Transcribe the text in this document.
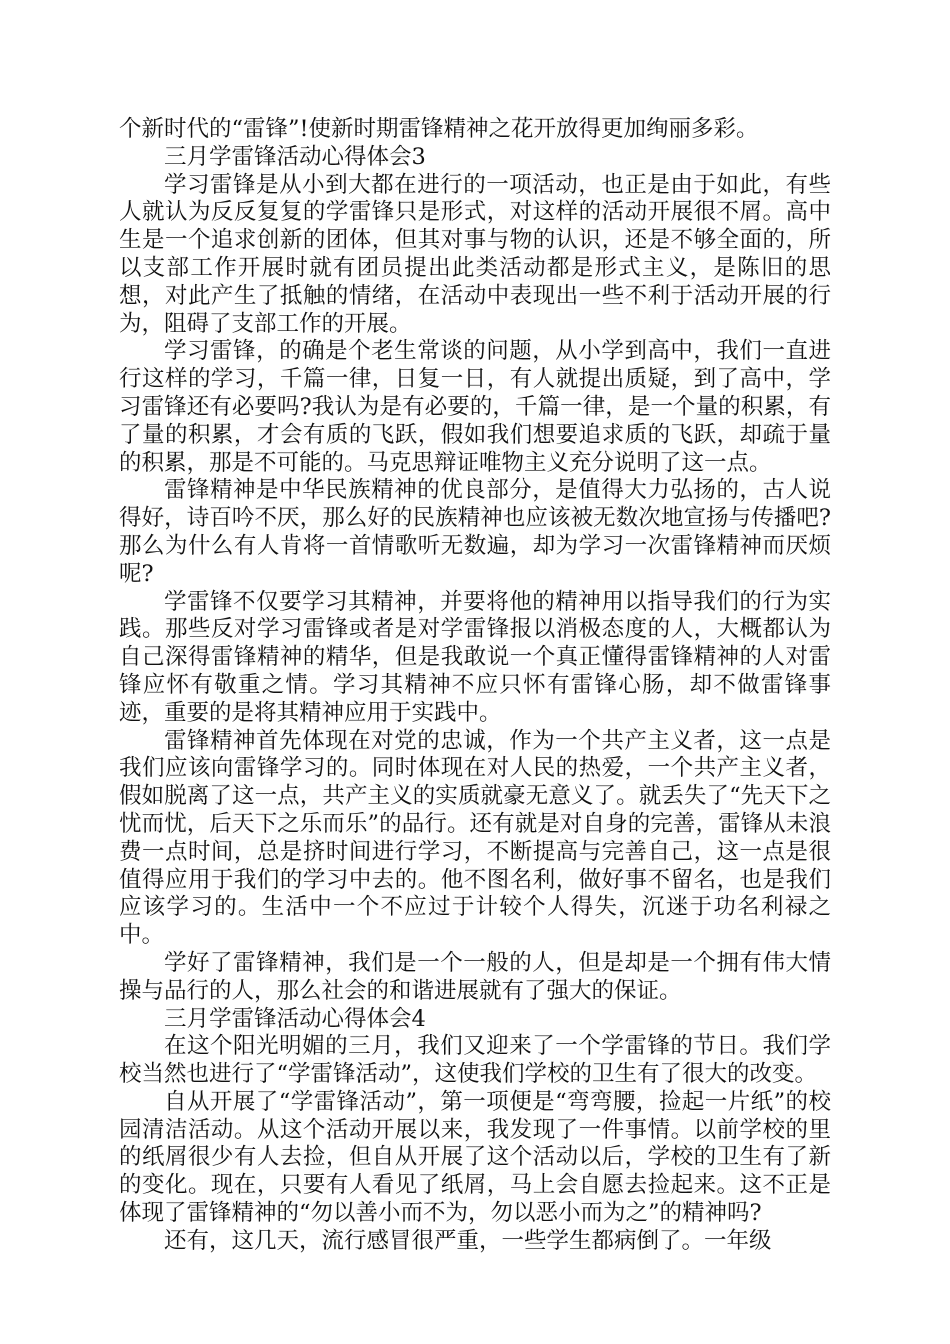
个新时代的“雷锋”!使新时期雷锋精神之花开放得更加绚丽多彩。

三月学雷锋活动心得体会3

学习雷锋是从小到大都在进行的一项活动，也正是由于如此，有些人就认为反反复复的学雷锋只是形式，对这样的活动开展很不屑。高中生是一个追求创新的团体，但其对事与物的认识，还是不够全面的，所以支部工作开展时就有团员提出此类活动都是形式主义，是陈旧的思想，对此产生了抵触的情绪，在活动中表现出一些不利于活动开展的行为，阻碍了支部工作的开展。

学习雷锋，的确是个老生常谈的问题，从小学到高中，我们一直进行这样的学习，千篇一律，日复一日，有人就提出质疑，到了高中，学习雷锋还有必要吗?我认为是有必要的，千篇一律，是一个量的积累，有了量的积累，才会有质的飞跃，假如我们想要追求质的飞跃，却疏于量的积累，那是不可能的。马克思辩证唯物主义充分说明了这一点。

雷锋精神是中华民族精神的优良部分，是值得大力弘扬的，古人说得好，诗百吟不厌，那么好的民族精神也应该被无数次地宣扬与传播吧?那么为什么有人肯将一首情歌听无数遍，却为学习一次雷锋精神而厌烦呢?

学雷锋不仅要学习其精神，并要将他的精神用以指导我们的行为实践。那些反对学习雷锋或者是对学雷锋报以消极态度的人，大概都认为自己深得雷锋精神的精华，但是我敢说一个真正懂得雷锋精神的人对雷锋应怀有敬重之情。学习其精神不应只怀有雷锋心肠，却不做雷锋事迹，重要的是将其精神应用于实践中。

雷锋精神首先体现在对党的忠诚，作为一个共产主义者，这一点是我们应该向雷锋学习的。同时体现在对人民的热爱，一个共产主义者，假如脱离了这一点，共产主义的实质就豪无意义了。就丢失了“先天下之忧而忧，后天下之乐而乐”的品行。还有就是对自身的完善，雷锋从未浪费一点时间，总是挤时间进行学习，不断提高与完善自己，这一点是很值得应用于我们的学习中去的。他不图名利，做好事不留名，也是我们应该学习的。生活中一个不应过于计较个人得失，沉迷于功名利禄之中。

学好了雷锋精神，我们是一个一般的人，但是却是一个拥有伟大情操与品行的人，那么社会的和谐进展就有了强大的保证。

三月学雷锋活动心得体会4

在这个阳光明媚的三月，我们又迎来了一个学雷锋的节日。我们学校当然也进行了“学雷锋活动”，这使我们学校的卫生有了很大的改变。

自从开展了“学雷锋活动”，第一项便是“弯弯腰，捡起一片纸”的校园清洁活动。从这个活动开展以来，我发现了一件事情。以前学校的里的纸屑很少有人去捡，但自从开展了这个活动以后，学校的卫生有了新的变化。现在，只要有人看见了纸屑，马上会自愿去捡起来。这不正是体现了雷锋精神的“勿以善小而不为，勿以恶小而为之”的精神吗?

还有，这几天，流行感冒很严重，一些学生都病倒了。一年级
